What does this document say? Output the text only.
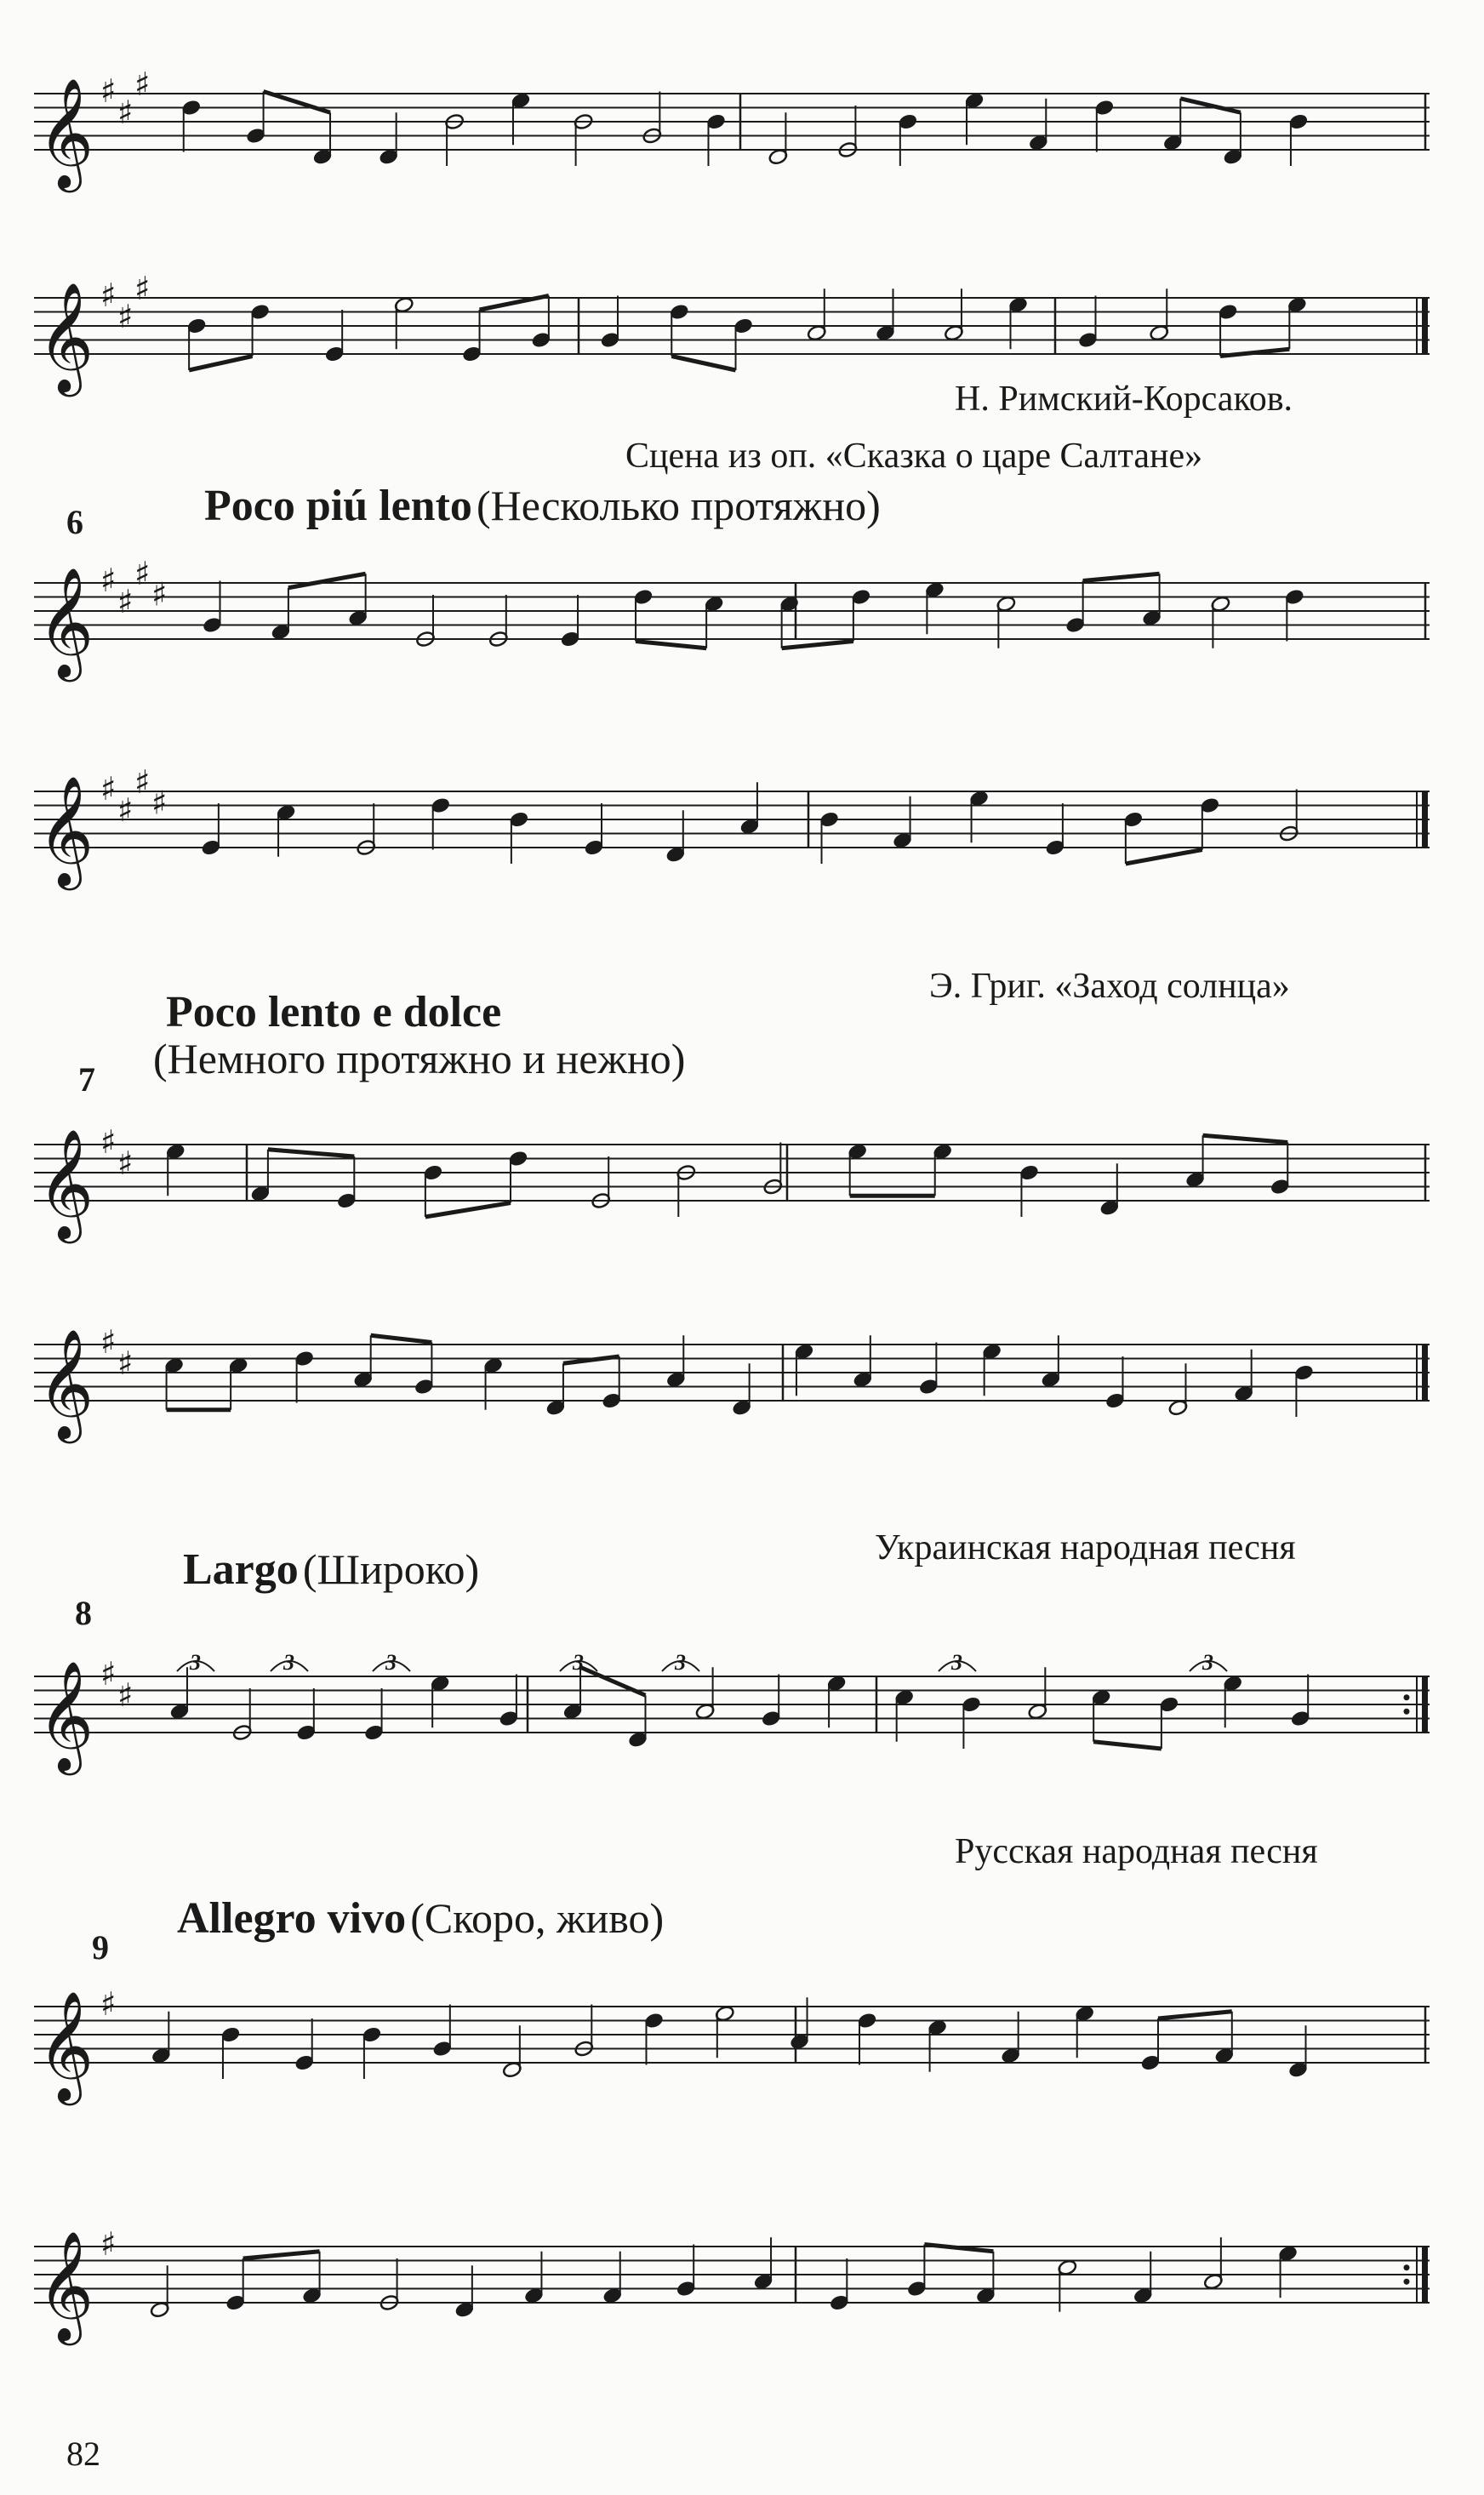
𝄞 ♯
♯
♯
𝄞 ♯
♯
♯
Н. Римский-Корсаков.
Сцена из оп. «Сказка о царе Салтане»
6	Poco piú lento (Несколько протяжно)
𝄞 ♯
♯
♯
♯
𝄞 ♯
♯
♯
♯
Э. Григ. «Заход солнца»
Poco lento e dolce
(Немного протяжно и нежно)
7
𝄞 ♯
♯
𝄞 ♯
♯
Украинская народная песня
Largo (Широко)
8
𝄞 ♯
♯
3	3	3	3	3	3	3
Русская народная песня
9
Allegro vivo (Скоро, живо)
𝄞 ♯
𝄞 ♯
82
